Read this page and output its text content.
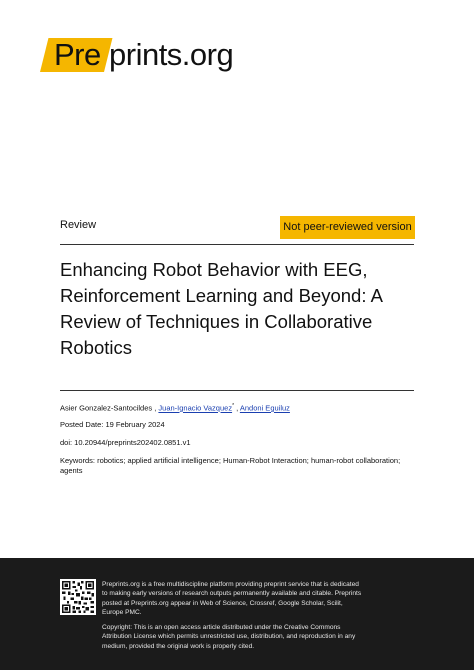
Pre prints.org
Review	Not peer-reviewed version
Enhancing Robot Behavior with EEG, Reinforcement Learning and Beyond: A Review of Techniques in Collaborative Robotics
Asier Gonzalez-Santocildes , Juan-Ignacio Vazquez* , Andoni Eguiluz
Posted Date: 19 February 2024
doi: 10.20944/preprints202402.0851.v1
Keywords: robotics; applied artificial intelligence; Human-Robot Interaction; human-robot collaboration; agents
Preprints.org is a free multidiscipline platform providing preprint service that is dedicated to making early versions of research outputs permanently available and citable. Preprints posted at Preprints.org appear in Web of Science, Crossref, Google Scholar, Scilit, Europe PMC.
Copyright: This is an open access article distributed under the Creative Commons Attribution License which permits unrestricted use, distribution, and reproduction in any medium, provided the original work is properly cited.
